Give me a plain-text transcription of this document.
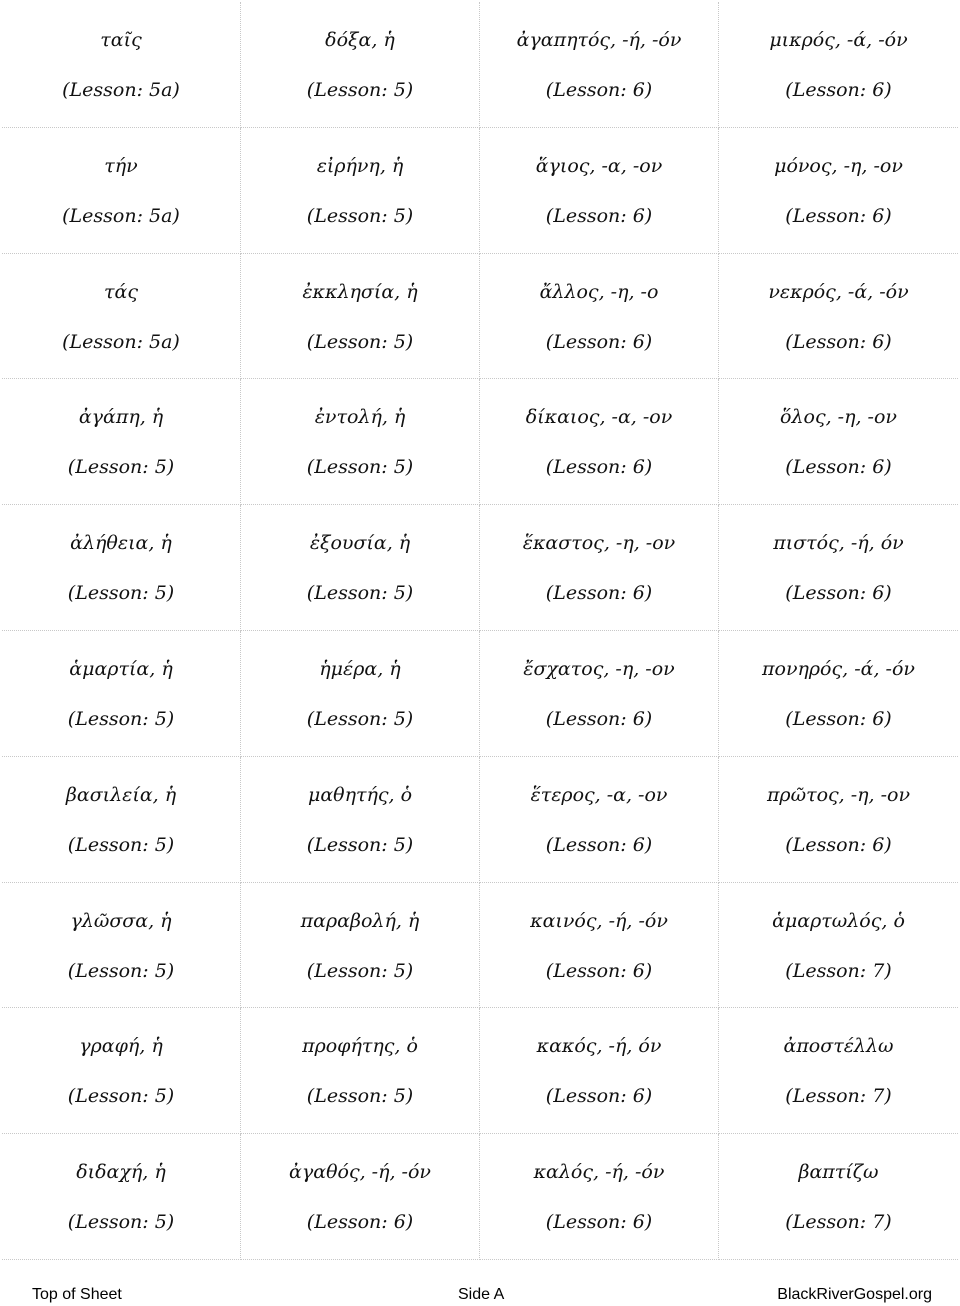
ταῖς
(Lesson: 5a)
δόξα, ἡ
(Lesson: 5)
ἀγαπητός, -ή, -όν
(Lesson: 6)
μικρός, -ά, -όν
(Lesson: 6)
τήν
(Lesson: 5a)
εἰρήνη, ἡ
(Lesson: 5)
ἅγιος, -α, -ον
(Lesson: 6)
μόνος, -η, -ον
(Lesson: 6)
τάς
(Lesson: 5a)
ἐκκλησία, ἡ
(Lesson: 5)
ἄλλος, -η, -ο
(Lesson: 6)
νεκρός, -ά, -όν
(Lesson: 6)
ἀγάπη, ἡ
(Lesson: 5)
ἐντολή, ἡ
(Lesson: 5)
δίκαιος, -α, -ον
(Lesson: 6)
ὅλος, -η, -ον
(Lesson: 6)
ἀλήθεια, ἡ
(Lesson: 5)
ἐξουσία, ἡ
(Lesson: 5)
ἕκαστος, -η, -ον
(Lesson: 6)
πιστός, -ή, όν
(Lesson: 6)
ἁμαρτία, ἡ
(Lesson: 5)
ἡμέρα, ἡ
(Lesson: 5)
ἔσχατος, -η, -ον
(Lesson: 6)
πονηρός, -ά, -όν
(Lesson: 6)
βασιλεία, ἡ
(Lesson: 5)
μαθητής, ὁ
(Lesson: 5)
ἕτερος, -α, -ον
(Lesson: 6)
πρῶτος, -η, -ον
(Lesson: 6)
γλῶσσα, ἡ
(Lesson: 5)
παραβολή, ἡ
(Lesson: 5)
καινός, -ή, -όν
(Lesson: 6)
ἁμαρτωλός, ὁ
(Lesson: 7)
γραφή, ἡ
(Lesson: 5)
προφήτης, ὁ
(Lesson: 5)
κακός, -ή, όν
(Lesson: 6)
ἀποστέλλω
(Lesson: 7)
διδαχή, ἡ
(Lesson: 5)
ἀγαθός, -ή, -όν
(Lesson: 6)
καλός, -ή, -όν
(Lesson: 6)
βαπτίζω
(Lesson: 7)
Top of Sheet	Side A	BlackRiverGospel.org
